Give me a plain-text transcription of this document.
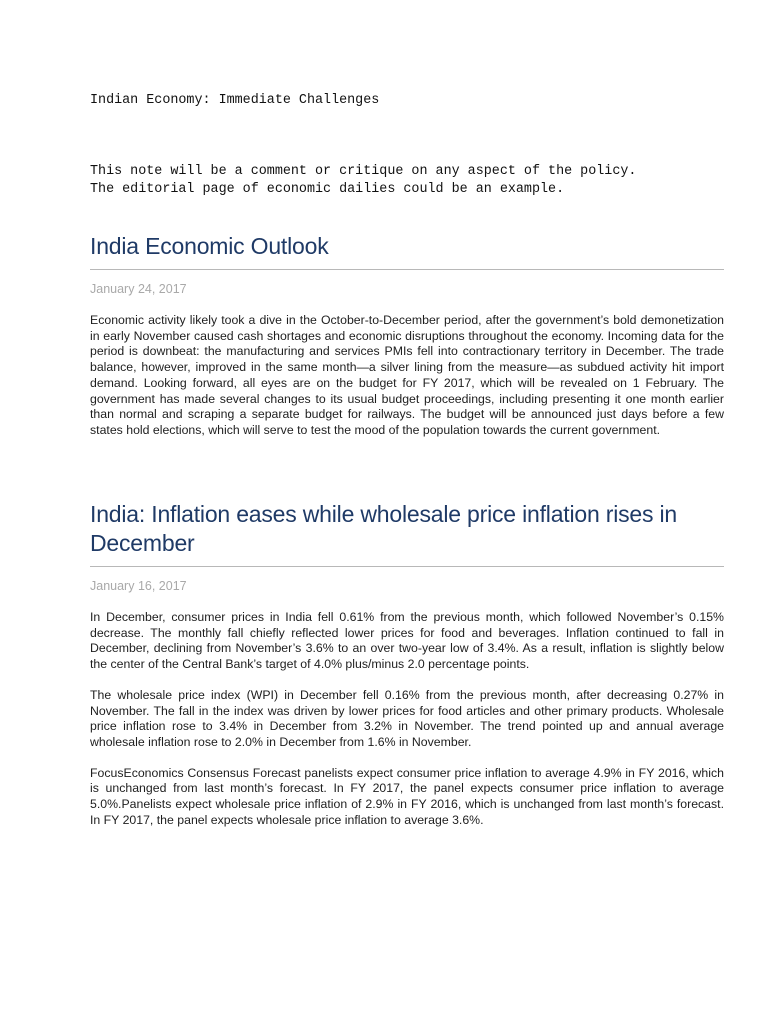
Indian Economy: Immediate Challenges

This note will be a comment or critique on any aspect of the policy.

The editorial page of economic dailies could be an example.

India Economic Outlook

January 24, 2017

Economic activity likely took a dive in the October-to-December period, after the government’s bold demonetization in early November caused cash shortages and economic disruptions throughout the economy. Incoming data for the period is downbeat: the manufacturing and services PMIs fell into contractionary territory in December. The trade balance, however, improved in the same month—a silver lining from the measure—as subdued activity hit import demand. Looking forward, all eyes are on the budget for FY 2017, which will be revealed on 1 February. The government has made several changes to its usual budget proceedings, including presenting it one month earlier than normal and scraping a separate budget for railways. The budget will be announced just days before a few states hold elections, which will serve to test the mood of the population towards the current government.

India: Inflation eases while wholesale price inflation rises in December

January 16, 2017

In December, consumer prices in India fell 0.61% from the previous month, which followed November’s 0.15% decrease. The monthly fall chiefly reflected lower prices for food and beverages. Inflation continued to fall in December, declining from November’s 3.6% to an over two-year low of 3.4%. As a result, inflation is slightly below the center of the Central Bank’s target of 4.0% plus/minus 2.0 percentage points.

The wholesale price index (WPI) in December fell 0.16% from the previous month, after decreasing 0.27% in November. The fall in the index was driven by lower prices for food articles and other primary products. Wholesale price inflation rose to 3.4% in December from 3.2% in November. The trend pointed up and annual average wholesale inflation rose to 2.0% in December from 1.6% in November.

FocusEconomics Consensus Forecast panelists expect consumer price inflation to average 4.9% in FY 2016, which is unchanged from last month’s forecast. In FY 2017, the panel expects consumer price inflation to average 5.0%.Panelists expect wholesale price inflation of 2.9% in FY 2016, which is unchanged from last month’s forecast. In FY 2017, the panel expects wholesale price inflation to average 3.6%.
